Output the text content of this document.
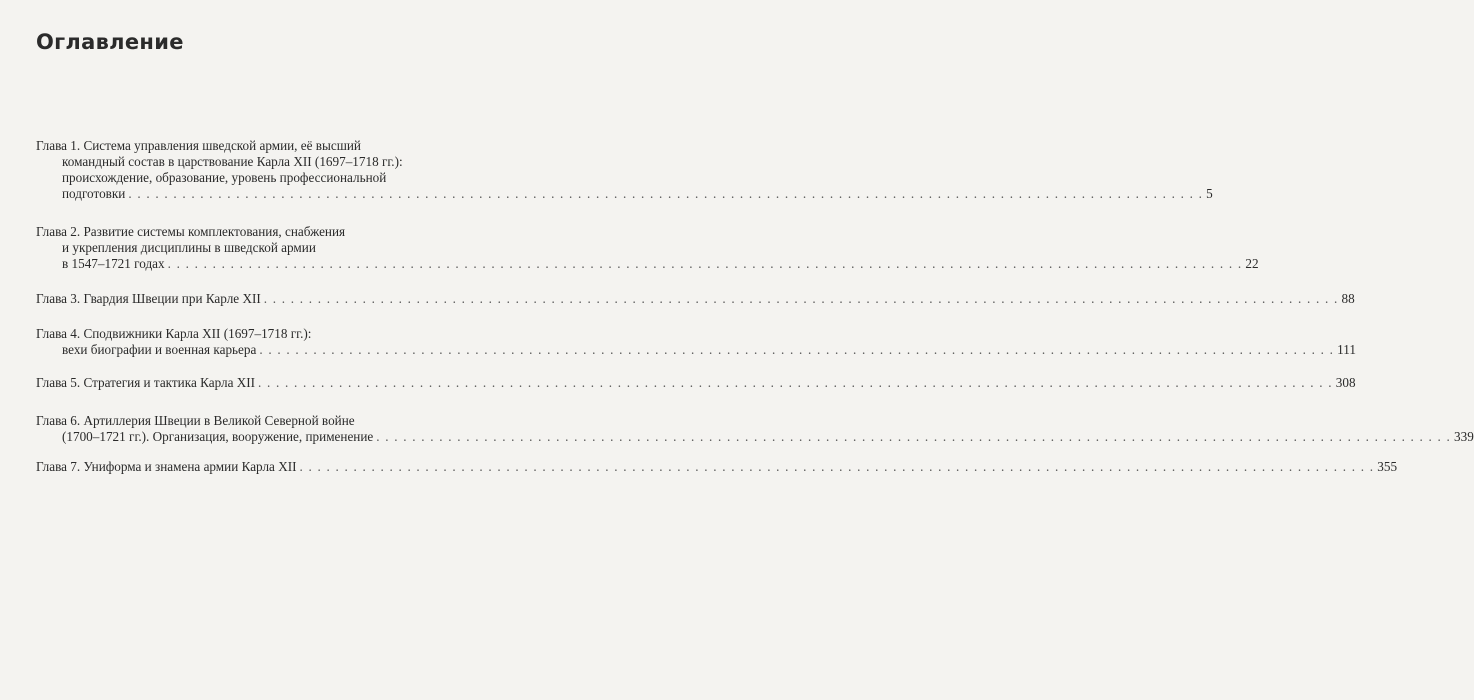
Оглавление
Глава 1. Система управления шведской армии, её высший
командный состав в царствование Карла XII (1697–1718 гг.):
происхождение, образование, уровень профессиональной
подготовки . . . . . . . . . . . . . . . . . . . . . . . . . . . . . . . . . . . . . . . . . . . . . . . . . . . . . . . . . . . . . . . . . . . . . . . . . . . . . . . . . . . . . . . . . . . . . . . . . . . . . . . . . . . . . . . . . . . . . . . . 5
Глава 2. Развитие системы комплектования, снабжения
и укрепления дисциплины в шведской армии
в 1547–1721 годах . . . . . . . . . . . . . . . . . . . . . . . . . . . . . . . . . . . . . . . . . . . . . . . . . . . . . . . . . . . . . . . . . . . . . . . . . . . . . . . . . . . . . . . . . . . . . . . . . . . . . . . . . . . . . . . . . . . . . . . . 22
Глава 3. Гвардия Швеции при Карле XII . . . . . . . . . . . . . . . . . . . . . . . . . . . . . . . . . . . . . . . . . . . . . . . . . . . . . . . . . . . . . . . . . . . . . . . . . . . . . . . . . . . . . . . . . . . . . . . . . . . . . . . . . . . . . . . . . . . . . . . . 88
Глава 4. Сподвижники Карла XII (1697–1718 гг.):
вехи биографии и военная карьера . . . . . . . . . . . . . . . . . . . . . . . . . . . . . . . . . . . . . . . . . . . . . . . . . . . . . . . . . . . . . . . . . . . . . . . . . . . . . . . . . . . . . . . . . . . . . . . . . . . . . . . . . . . . . . . . . . . . . . . . 111
Глава 5. Стратегия и тактика Карла XII . . . . . . . . . . . . . . . . . . . . . . . . . . . . . . . . . . . . . . . . . . . . . . . . . . . . . . . . . . . . . . . . . . . . . . . . . . . . . . . . . . . . . . . . . . . . . . . . . . . . . . . . . . . . . . . . . . . . . . . . 308
Глава 6. Артиллерия Швеции в Великой Северной войне
(1700–1721 гг.). Организация, вооружение, применение . . . . . . . . . . . . . . . . . . . . . . . . . . . . . . . . . . . . . . . . . . . . . . . . . . . . . . . . . . . . . . . . . . . . . . . . . . . . . . . . . . . . . . . . . . . . . . . . . . . . . . . . . . . . . . . . . . . . . . . . 339
Глава 7. Униформа и знамена армии Карла XII . . . . . . . . . . . . . . . . . . . . . . . . . . . . . . . . . . . . . . . . . . . . . . . . . . . . . . . . . . . . . . . . . . . . . . . . . . . . . . . . . . . . . . . . . . . . . . . . . . . . . . . . . . . . . . . . . . . . . . . . 355
